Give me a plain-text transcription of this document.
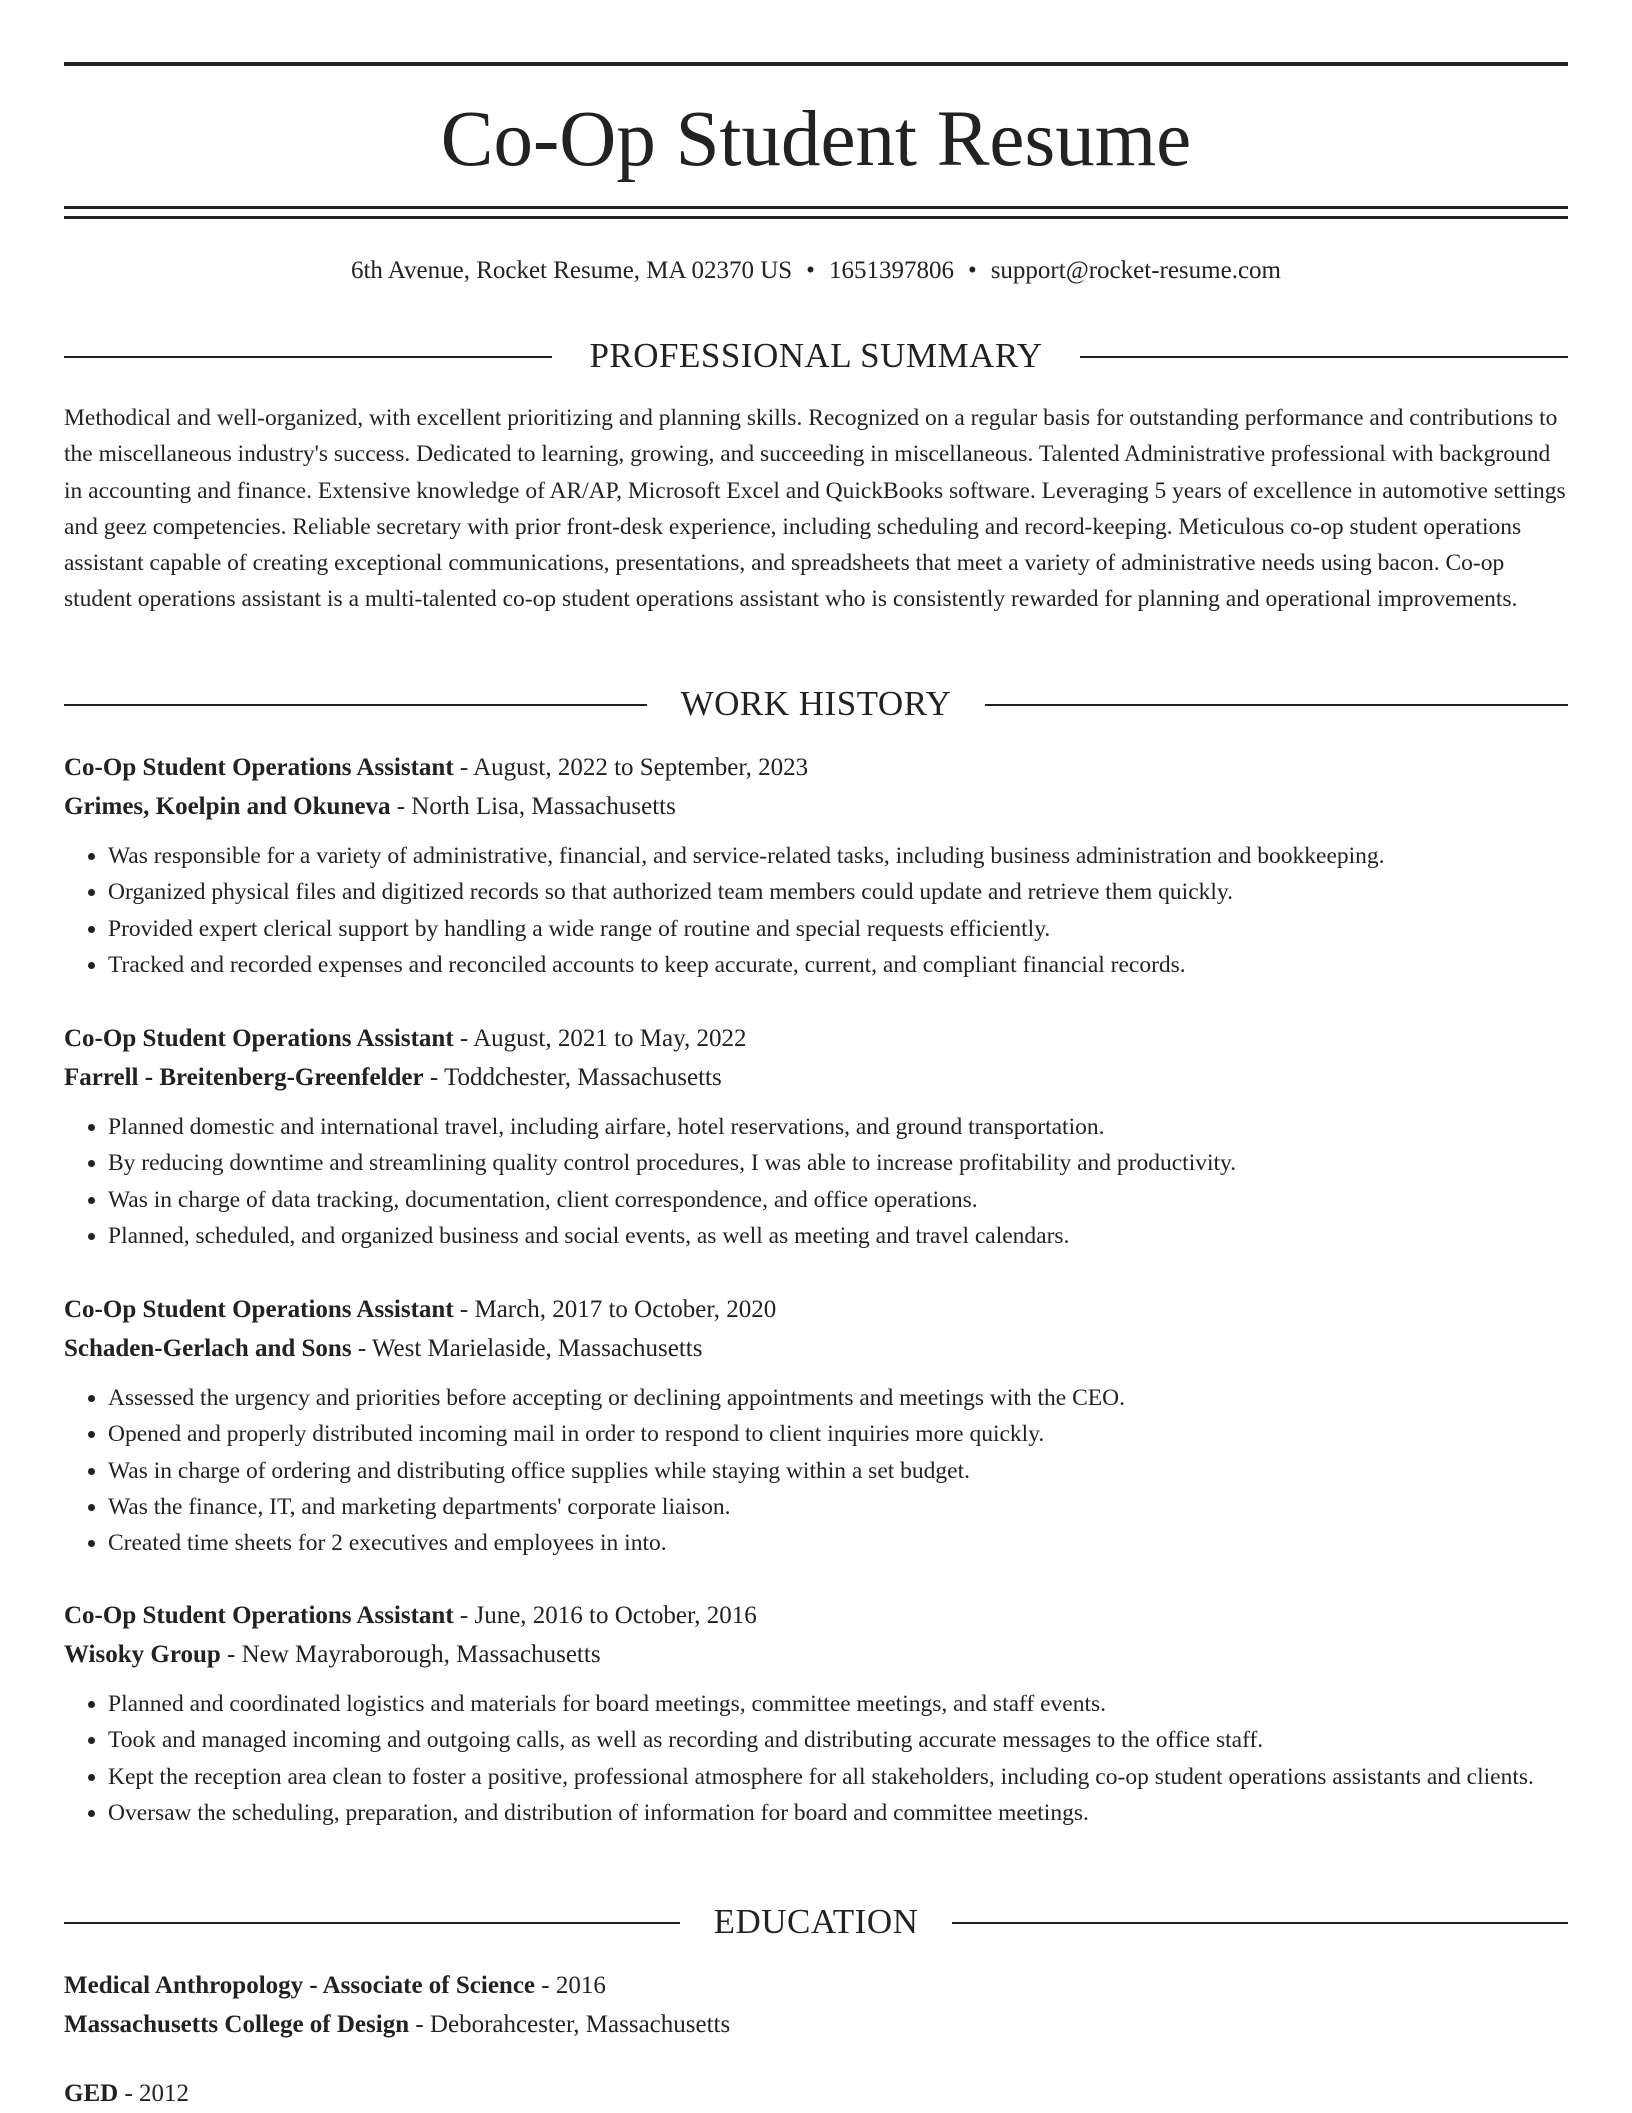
Co-Op Student Resume
6th Avenue, Rocket Resume, MA 02370 US • 1651397806 • support@rocket-resume.com
PROFESSIONAL SUMMARY

Methodical and well-organized, with excellent prioritizing and planning skills. Recognized on a regular basis for outstanding performance and contributions to the miscellaneous industry's success. Dedicated to learning, growing, and succeeding in miscellaneous. Talented Administrative professional with background in accounting and finance. Extensive knowledge of AR/AP, Microsoft Excel and QuickBooks software. Leveraging 5 years of excellence in automotive settings and geez competencies. Reliable secretary with prior front-desk experience, including scheduling and record-keeping. Meticulous co-op student operations assistant capable of creating exceptional communications, presentations, and spreadsheets that meet a variety of administrative needs using bacon. Co-op student operations assistant is a multi-talented co-op student operations assistant who is consistently rewarded for planning and operational improvements.

WORK HISTORY

Co-Op Student Operations Assistant - August, 2022 to September, 2023

Grimes, Koelpin and Okuneva - North Lisa, Massachusetts

• Was responsible for a variety of administrative, financial, and service-related tasks, including business administration and bookkeeping.
• Organized physical files and digitized records so that authorized team members could update and retrieve them quickly.
• Provided expert clerical support by handling a wide range of routine and special requests efficiently.
• Tracked and recorded expenses and reconciled accounts to keep accurate, current, and compliant financial records.

Co-Op Student Operations Assistant - August, 2021 to May, 2022

Farrell - Breitenberg-Greenfelder - Toddchester, Massachusetts

• Planned domestic and international travel, including airfare, hotel reservations, and ground transportation.
• By reducing downtime and streamlining quality control procedures, I was able to increase profitability and productivity.
• Was in charge of data tracking, documentation, client correspondence, and office operations.
• Planned, scheduled, and organized business and social events, as well as meeting and travel calendars.

Co-Op Student Operations Assistant - March, 2017 to October, 2020

Schaden-Gerlach and Sons - West Marielaside, Massachusetts

• Assessed the urgency and priorities before accepting or declining appointments and meetings with the CEO.
• Opened and properly distributed incoming mail in order to respond to client inquiries more quickly.
• Was in charge of ordering and distributing office supplies while staying within a set budget.
• Was the finance, IT, and marketing departments' corporate liaison.
• Created time sheets for 2 executives and employees in into.

Co-Op Student Operations Assistant - June, 2016 to October, 2016

Wisoky Group - New Mayraborough, Massachusetts

• Planned and coordinated logistics and materials for board meetings, committee meetings, and staff events.
• Took and managed incoming and outgoing calls, as well as recording and distributing accurate messages to the office staff.
• Kept the reception area clean to foster a positive, professional atmosphere for all stakeholders, including co-op student operations assistants and clients.
• Oversaw the scheduling, preparation, and distribution of information for board and committee meetings.
EDUCATION

Medical Anthropology - Associate of Science - 2016

Massachusetts College of Design - Deborahcester, Massachusetts

GED - 2012
